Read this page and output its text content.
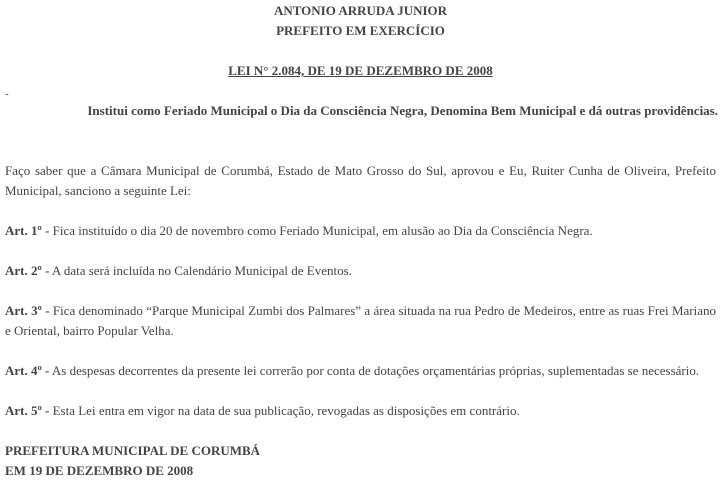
ANTONIO ARRUDA JUNIOR
PREFEITO EM EXERCÍCIO
LEI N° 2.084, DE 19 DE DEZEMBRO DE 2008
-
Institui como Feriado Municipal o Dia da Consciência Negra, Denomina Bem Municipal e dá outras providências.
Faço saber que a Câmara Municipal de Corumbá, Estado de Mato Grosso do Sul, aprovou e Eu, Ruiter Cunha de Oliveira, Prefeito Municipal, sanciono a seguinte Lei:
Art. 1º - Fica instituído o dia 20 de novembro como Feriado Municipal, em alusão ao Dia da Consciência Negra.
Art. 2º - A data será incluída no Calendário Municipal de Eventos.
Art. 3º - Fica denominado “Parque Municipal Zumbi dos Palmares” a área situada na rua Pedro de Medeiros, entre as ruas Frei Mariano e Oriental, bairro Popular Velha.
Art. 4º - As despesas decorrentes da presente lei correrão por conta de dotações orçamentárias próprias, suplementadas se necessário.
Art. 5º - Esta Lei entra em vigor na data de sua publicação, revogadas as disposições em contrário.
PREFEITURA MUNICIPAL DE CORUMBÁ
EM 19 DE DEZEMBRO DE 2008
